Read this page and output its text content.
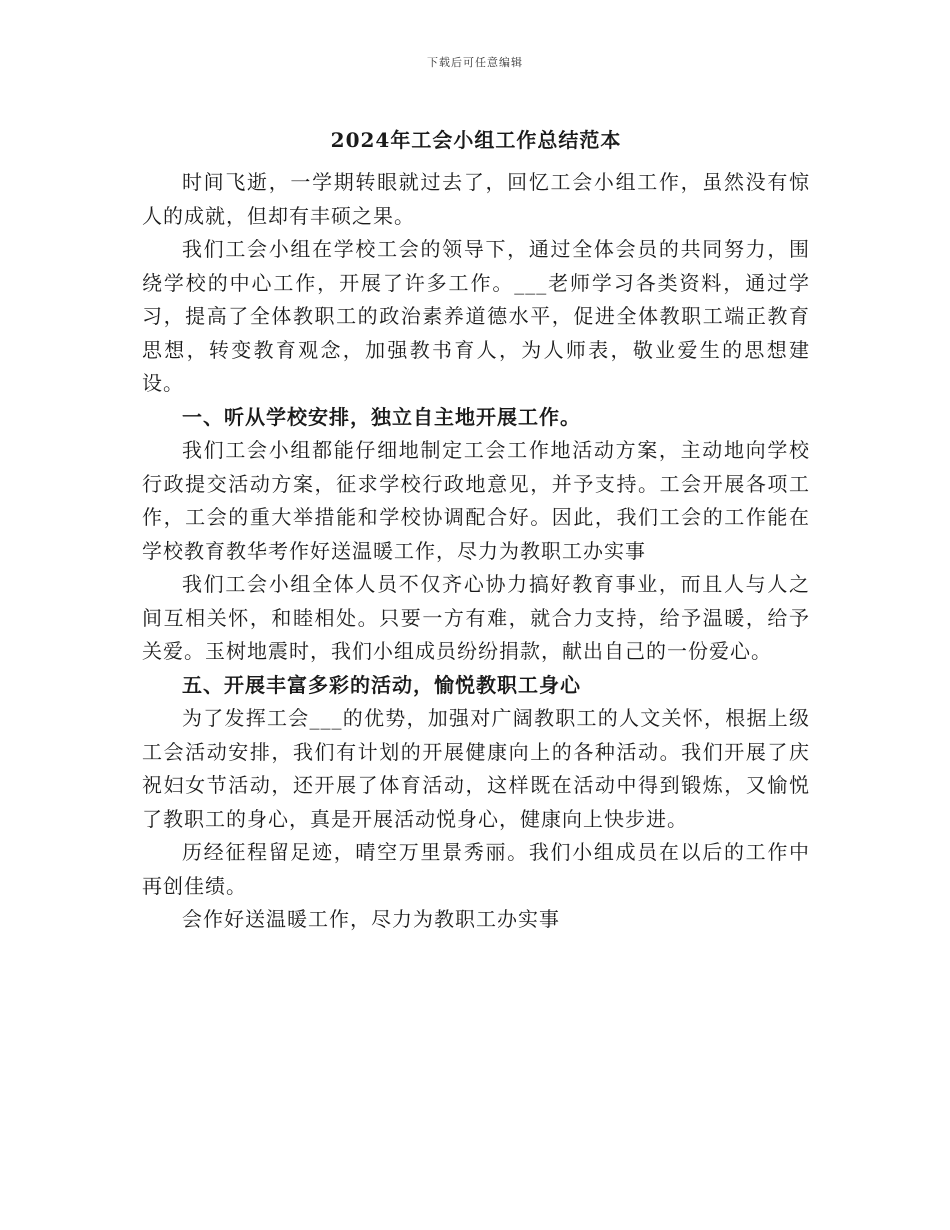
下载后可任意编辑
2024年工会小组工作总结范本

时间飞逝，一学期转眼就过去了，回忆工会小组工作，虽然没有惊人的成就，但却有丰硕之果。

我们工会小组在学校工会的领导下，通过全体会员的共同努力，围绕学校的中心工作，开展了许多工作。___老师学习各类资料，通过学习，提高了全体教职工的政治素养道德水平，促进全体教职工端正教育思想，转变教育观念，加强教书育人，为人师表，敬业爱生的思想建设。

一、听从学校安排，独立自主地开展工作。

我们工会小组都能仔细地制定工会工作地活动方案，主动地向学校行政提交活动方案，征求学校行政地意见，并予支持。工会开展各项工作，工会的重大举措能和学校协调配合好。因此，我们工会的工作能在学校教育教华考作好送温暖工作，尽力为教职工办实事

我们工会小组全体人员不仅齐心协力搞好教育事业，而且人与人之间互相关怀，和睦相处。只要一方有难，就合力支持，给予温暖，给予关爱。玉树地震时，我们小组成员纷纷捐款，献出自己的一份爱心。

五、开展丰富多彩的活动，愉悦教职工身心

为了发挥工会___的优势，加强对广阔教职工的人文关怀，根据上级工会活动安排，我们有计划的开展健康向上的各种活动。我们开展了庆祝妇女节活动，还开展了体育活动，这样既在活动中得到锻炼，又愉悦了教职工的身心，真是开展活动悦身心，健康向上快步进。

历经征程留足迹，晴空万里景秀丽。我们小组成员在以后的工作中再创佳绩。

会作好送温暖工作，尽力为教职工办实事
